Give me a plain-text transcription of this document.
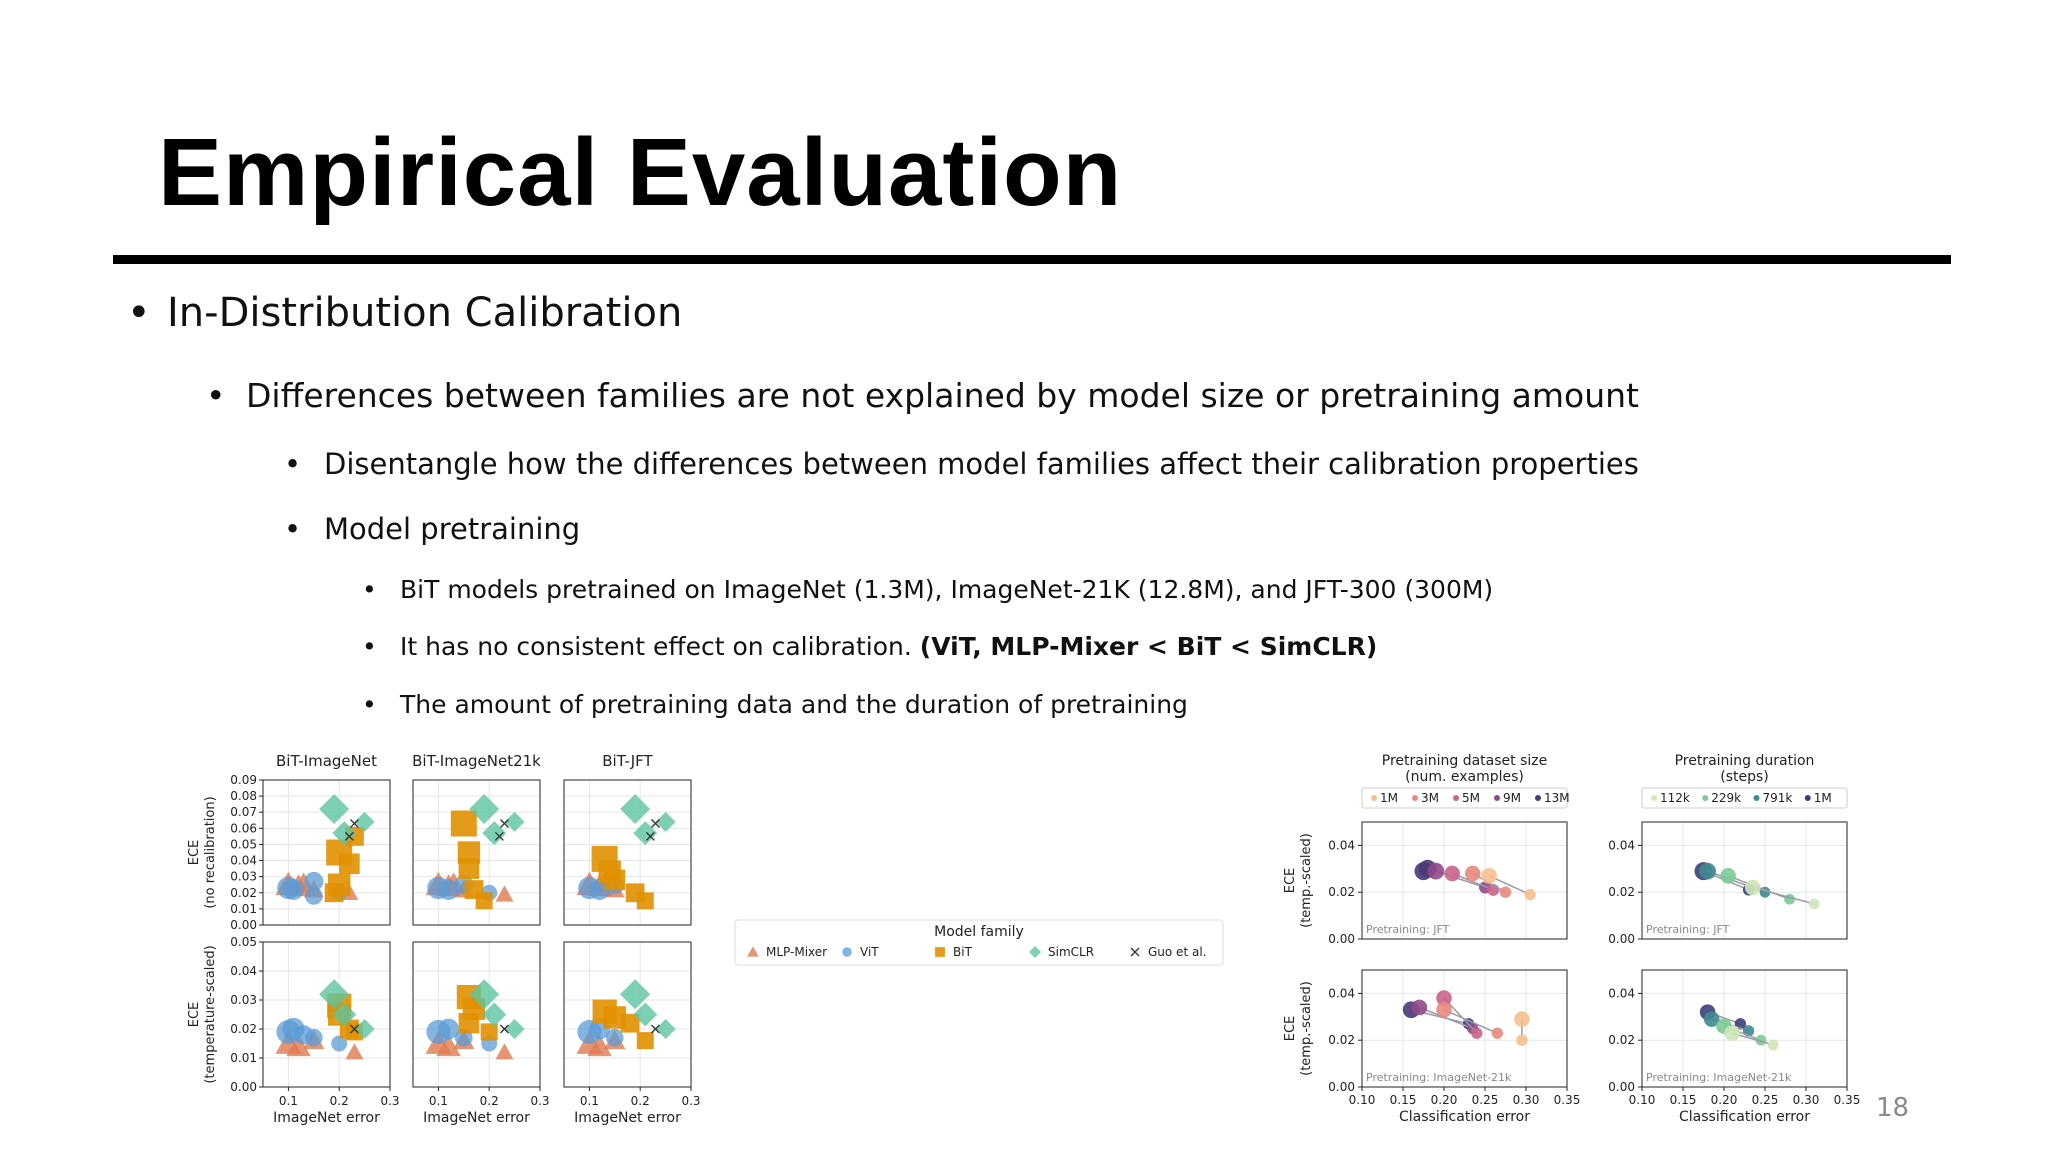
Empirical Evaluation
• In-Distribution Calibration
• Differences between families are not explained by model size or pretraining amount
• Disentangle how the differences between model families affect their calibration properties
• Model pretraining
• BiT models pretrained on ImageNet (1.3M), ImageNet-21K (12.8M), and JFT-300 (300M)
• It has no consistent effect on calibration. (ViT, MLP-Mixer < BiT < SimCLR)
• The amount of pretraining data and the duration of pretraining
BiT-ImageNet BiT-ImageNet21k	BiT-JFT
ECE (no recalibration)
0.00
0.01
0.02
0.03
0.04
0.05
0.06
0.07
0.08
0.09
ECE (temperature-scaled)
0.00
0.01
0.02
0.03
0.04
0.05
0.1	0.2	0.3
ImageNet error
0.1	0.2	0.3
ImageNet error
0.1	0.2	0.3
ImageNet error
Model family
MLP-Mixer	ViT	BiT	SimCLR	Guo et al.
Pretraining dataset size
(num. examples)
1M 3M 5M 9M 13M
Pretraining duration
(steps)
112k 229k 791k 1M
ECE (temp.-scaled)
ECE (temp.-scaled)
Pretraining: JFT
0.00
0.02
0.04
Pretraining: JFT
0.00
0.02
0.04
Pretraining: ImageNet-21k
0.00
0.02
0.04
0.10 0.15 0.20 0.25 0.30 0.35
Classification error
Pretraining: ImageNet-21k
0.00
0.02
0.04
0.10 0.15 0.20 0.25 0.30 0.35
Classification error	18
